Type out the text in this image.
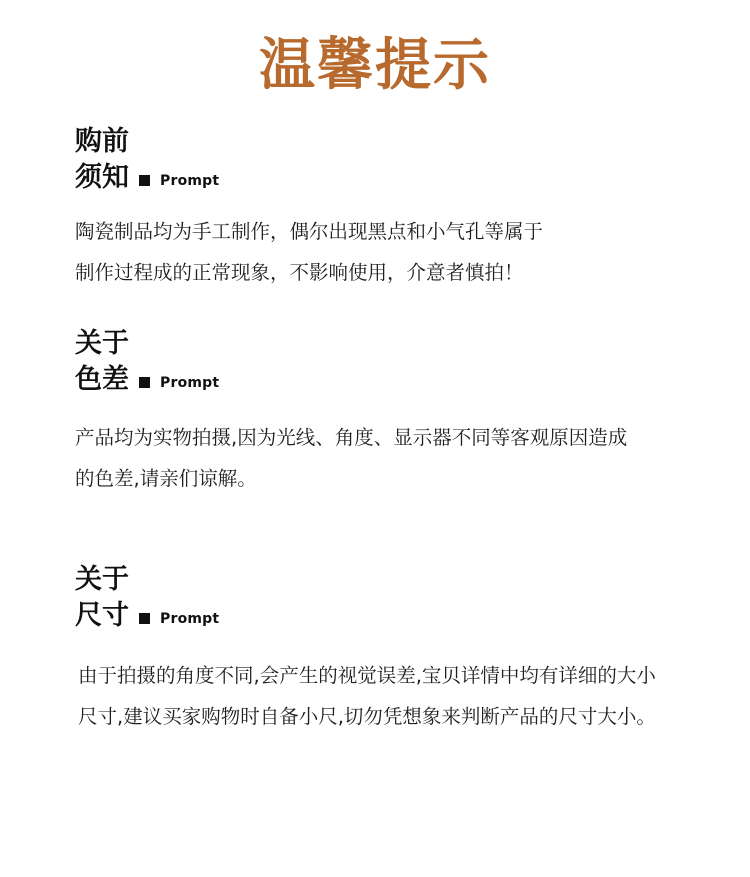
温馨提示
购前
须知 Prompt
陶瓷制品均为手工制作，偶尔出现黑点和小气孔等属于
制作过程成的正常现象，不影响使用，介意者慎拍！
关于
色差 Prompt
产品均为实物拍摄,因为光线、角度、显示器不同等客观原因造成
的色差,请亲们谅解。
关于
尺寸 Prompt
由于拍摄的角度不同,会产生的视觉误差,宝贝详情中均有详细的大小
尺寸,建议买家购物时自备小尺,切勿凭想象来判断产品的尺寸大小。
